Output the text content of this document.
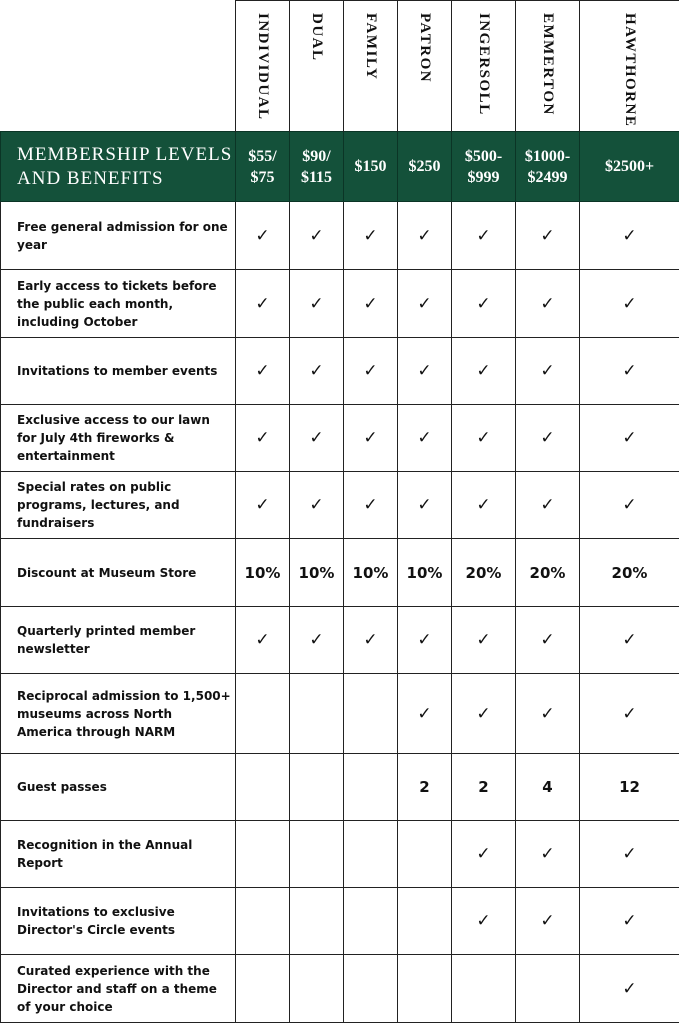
	INDIVIDUAL	DUAL	FAMILY	PATRON	INGERSOLL	EMMERTON	HAWTHORNE

MEMBERSHIP LEVELS AND BENEFITS	$55/ $75	$90/ $115	$150	$250	$500- $999	$1000- $2499	$2500+
Free general admission for one year	✓	✓	✓	✓	✓	✓	✓
Early access to tickets before the public each month, including October	✓	✓	✓	✓	✓	✓	✓
Invitations to member events	✓	✓	✓	✓	✓	✓	✓
Exclusive access to our lawn for July 4th fireworks & entertainment	✓	✓	✓	✓	✓	✓	✓
Special rates on public programs, lectures, and fundraisers	✓	✓	✓	✓	✓	✓	✓
Discount at Museum Store	10%	10%	10%	10%	20%	20%	20%
Quarterly printed member newsletter	✓	✓	✓	✓	✓	✓	✓
Reciprocal admission to 1,500+ museums across North America through NARM				✓	✓	✓	✓
Guest passes				2	2	4	12
Recognition in the Annual Report					✓	✓	✓
Invitations to exclusive Director's Circle events					✓	✓	✓
Curated experience with the Director and staff on a theme of your choice							✓
